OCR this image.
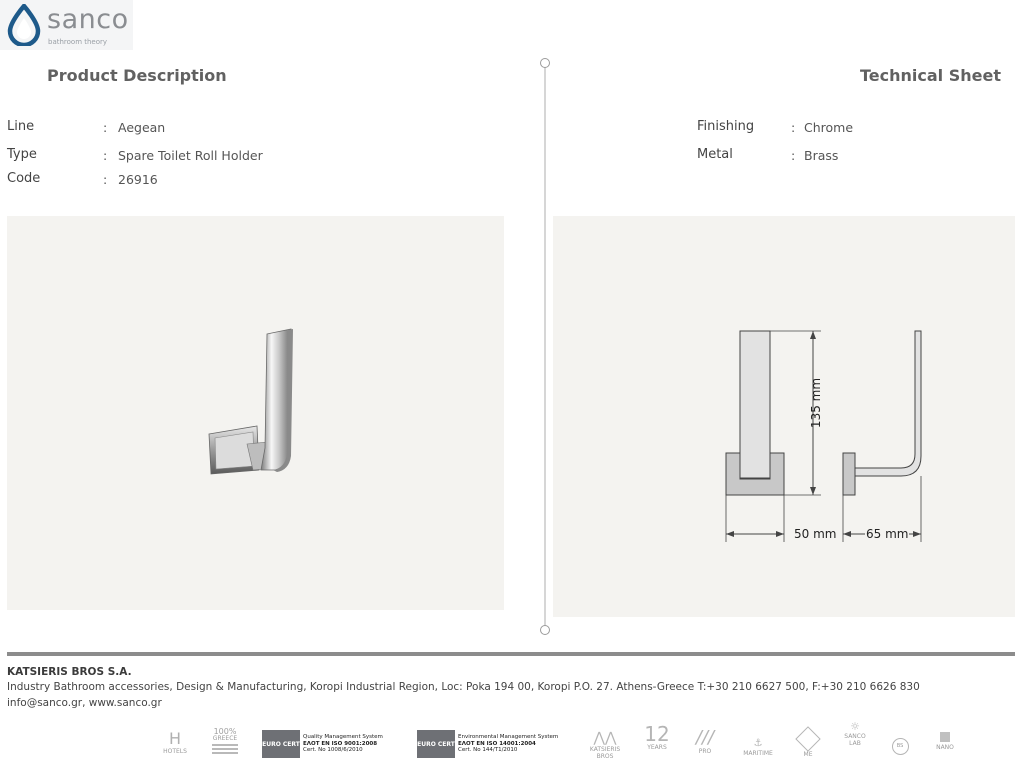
sanco
bathroom theory
Product Description	Technical Sheet
Line	: Aegean
Type	: Spare Toilet Roll Holder
Code	: 26916
Finishing	: Chrome
Metal	: Brass
135 mm
50 mm 65 mm
KATSIERIS BROS S.A.
Industry Bathroom accessories, Design & Manufacturing, Koropi Industrial Region, Loc: Poka 194 00, Koropi P.O. 27. Athens-Greece T:+30 210 6627 500, F:+30 210 6626 830
info@sanco.gr, www.sanco.gr
H
HOTELS
100%
GREECE
EURO CERT
Quality Management System
ΕΛΟΤ ΕΝ ISO 9001:2008
Cert. No 1008/6/2010
EURO CERT
Environmental Management System
ΕΛΟΤ ΕΝ ISO 14001:2004
Cert. No 144/T1/2010
⋀⋀
KATSIERIS BROS
12
YEARS	///
PRO
⚓
MARITIME	ME
☼
SANCO LAB	BS	NANO
